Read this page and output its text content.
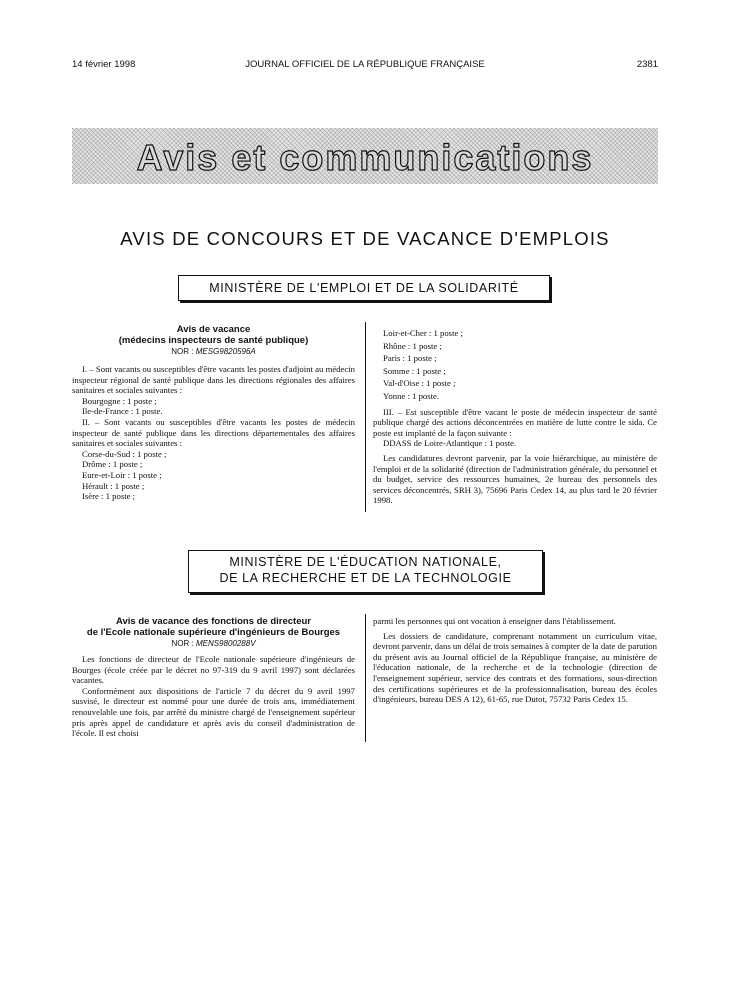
14 février 1998	JOURNAL OFFICIEL DE LA RÉPUBLIQUE FRANÇAISE	2381
Avis et communications
AVIS DE CONCOURS ET DE VACANCE D'EMPLOIS
MINISTÈRE DE L'EMPLOI ET DE LA SOLIDARITÉ
Avis de vacance
(médecins inspecteurs de santé publique)
NOR : MESG9820596A

I. – Sont vacants ou susceptibles d'être vacants les postes d'adjoint au médecin inspecteur régional de santé publique dans les directions régionales des affaires sanitaires et sociales suivantes :

Bourgogne : 1 poste ;
Ile-de-France : 1 poste.

II. – Sont vacants ou susceptibles d'être vacants les postes de médecin inspecteur de santé publique dans les directions départementales des affaires sanitaires et sociales suivantes :

Corse-du-Sud : 1 poste ;
Drôme : 1 poste ;
Eure-et-Loir : 1 poste ;
Hérault : 1 poste ;
Isère : 1 poste ;
Loir-et-Cher : 1 poste ;
Rhône : 1 poste ;
Paris : 1 poste ;
Somme : 1 poste ;
Val-d'Oise : 1 poste ;
Yonne : 1 poste.

III. – Est susceptible d'être vacant le poste de médecin inspecteur de santé publique chargé des actions déconcentrées en matière de lutte contre le sida. Ce poste est implanté de la façon suivante :

DDASS de Loire-Atlantique : 1 poste.

Les candidatures devront parvenir, par la voie hiérarchique, au ministère de l'emploi et de la solidarité (direction de l'administration générale, du personnel et du budget, service des ressources humaines, 2e bureau des personnels des services déconcentrés, SRH 3), 75696 Paris Cedex 14, au plus tard le 20 février 1998.

MINISTÈRE DE L'ÉDUCATION NATIONALE,
DE LA RECHERCHE ET DE LA TECHNOLOGIE
Avis de vacance des fonctions de directeur
de l'Ecole nationale supérieure d'ingénieurs de Bourges
NOR : MENS9800288V

Les fonctions de directeur de l'Ecole nationale supérieure d'ingénieurs de Bourges (école créée par le décret no 97-319 du 9 avril 1997) sont déclarées vacantes.

Conformément aux dispositions de l'article 7 du décret du 9 avril 1997 susvisé, le directeur est nommé pour une durée de trois ans, immédiatement renouvelable une fois, par arrêté du ministre chargé de l'enseignement supérieur pris après appel de candidature et après avis du conseil d'administration de l'école. Il est choisi

parmi les personnes qui ont vocation à enseigner dans l'établissement.

Les dossiers de candidature, comprenant notamment un curriculum vitae, devront parvenir, dans un délai de trois semaines à compter de la date de parution du présent avis au Journal officiel de la République française, au ministère de l'éducation nationale, de la recherche et de la technologie (direction de l'enseignement supérieur, service des contrats et des formations, sous-direction des certifications supérieures et de la professionnalisation, bureau des écoles d'ingénieurs, bureau DES A 12), 61-65, rue Dutot, 75732 Paris Cedex 15.
